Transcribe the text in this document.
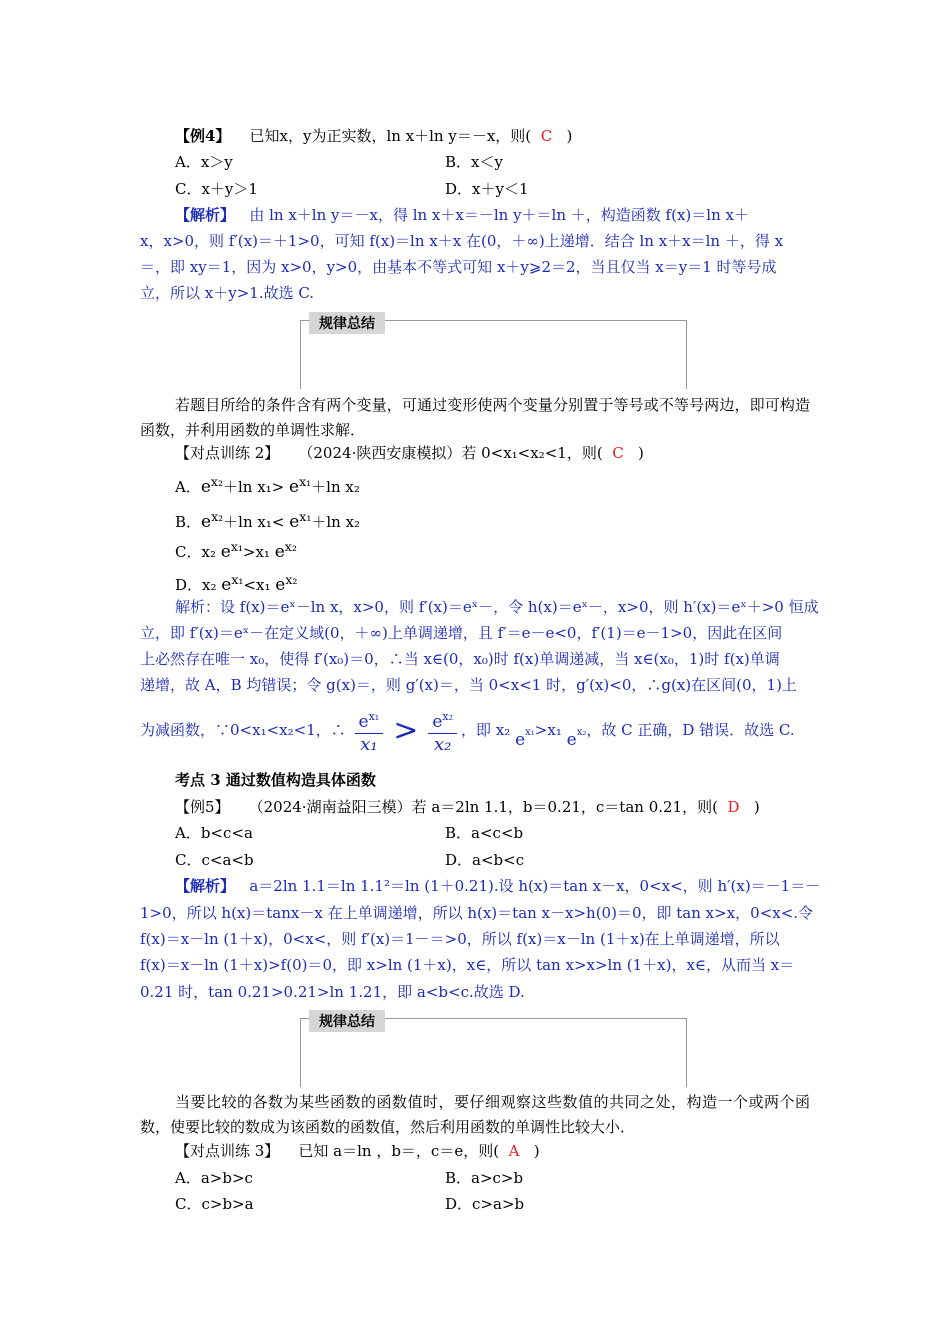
【例4】 已知x，y为正实数，ln x＋ln y＝－x，则( C )
A．x＞y	B．x＜y
C．x＋y＞1	D．x＋y＜1
【解析】 由 ln x＋ln y＝－x，得 ln x＋x＝－ln y＋＝ln ＋，构造函数 f(x)＝ln x＋
x，x>0，则 f′(x)＝＋1>0，可知 f(x)＝ln x＋x 在(0，＋∞)上递增．结合 ln x＋x＝ln ＋，得 x
＝，即 xy＝1，因为 x>0，y>0，由基本不等式可知 x＋y⩾2＝2，当且仅当 x＝y＝1 时等号成
立，所以 x＋y>1.故选 C.
规律总结
若题目所给的条件含有两个变量，可通过变形使两个变量分别置于等号或不等号两边，即可构造函数，并利用函数的单调性求解．
【对点训练 2】 （2024·陕西安康模拟）若 0<x₁<x₂<1，则( C )
A．$e^{x_2}+\ln$ $x_1> e^{x_1}+\ln$ x₂
B．$e^{x_2}+\ln$ $x_1< e^{x_1}+\ln$ x₂
C．x₂ $e^{x_1}>x_1$ $e^{x_2}$
D．x₂ $e^{x_1}<x_1$ $e^{x_2}$
解析：设 f(x)＝eˣ－ln x，x>0，则 f′(x)＝eˣ－，令 h(x)＝eˣ－，x>0，则 h′(x)＝eˣ＋>0 恒成
立，即 f′(x)＝eˣ－在定义域(0，＋∞)上单调递增，且 f′＝e－e<0，f′(1)＝e－1>0，因此在区间
上必然存在唯一 x₀，使得 f′(x₀)＝0，∴当 x∈(0，x₀)时 f(x)单调递减，当 x∈(x₀，1)时 f(x)单调
递增，故 A，B 均错误；令 g(x)＝，则 g′(x)＝，当 0<x<1 时，g′(x)<0，∴g(x)在区间(0，1)上
为减函数，∵0<x₁<x₂<1，∴ $\frac{e^{x_1}}{\text{x₁}} > \frac{e^{x_2}}{\text{x₂}}$ ，即 x₂ ex₁>x₁ ex₂，故 C 正确，D 错误．故选 C.
考点 3 通过数值构造具体函数
【例5】 （2024·湖南益阳三模）若 a＝2ln 1.1，b＝0.21，c＝tan 0.21，则( D )
A．b<c<a	B．a<c<b
C．c<a<b	D．a<b<c
【解析】 a＝2ln 1.1＝ln 1.1²＝ln (1＋0.21).设 h(x)＝tan x－x，0<x<，则 h′(x)＝－1＝－
1>0，所以 h(x)＝tanx－x 在上单调递增，所以 h(x)＝tan x－x>h(0)＝0，即 tan x>x，0<x<.令
f(x)＝x－ln (1＋x)，0<x<，则 f′(x)＝1－＝>0，所以 f(x)＝x－ln (1＋x)在上单调递增，所以
f(x)＝x－ln (1＋x)>f(0)＝0，即 x>ln (1＋x)，x∈，所以 tan x>x>ln (1＋x)，x∈，从而当 x＝
0.21 时，tan 0.21>0.21>ln 1.21，即 a<b<c.故选 D.
规律总结
当要比较的各数为某些函数的函数值时，要仔细观察这些数值的共同之处，构造一个或两个函数，使要比较的数成为该函数的函数值，然后利用函数的单调性比较大小．
【对点训练 3】 已知 a＝ln ，b＝，c＝e，则( A )
A．a>b>c	B．a>c>b
C．c>b>a	D．c>a>b
